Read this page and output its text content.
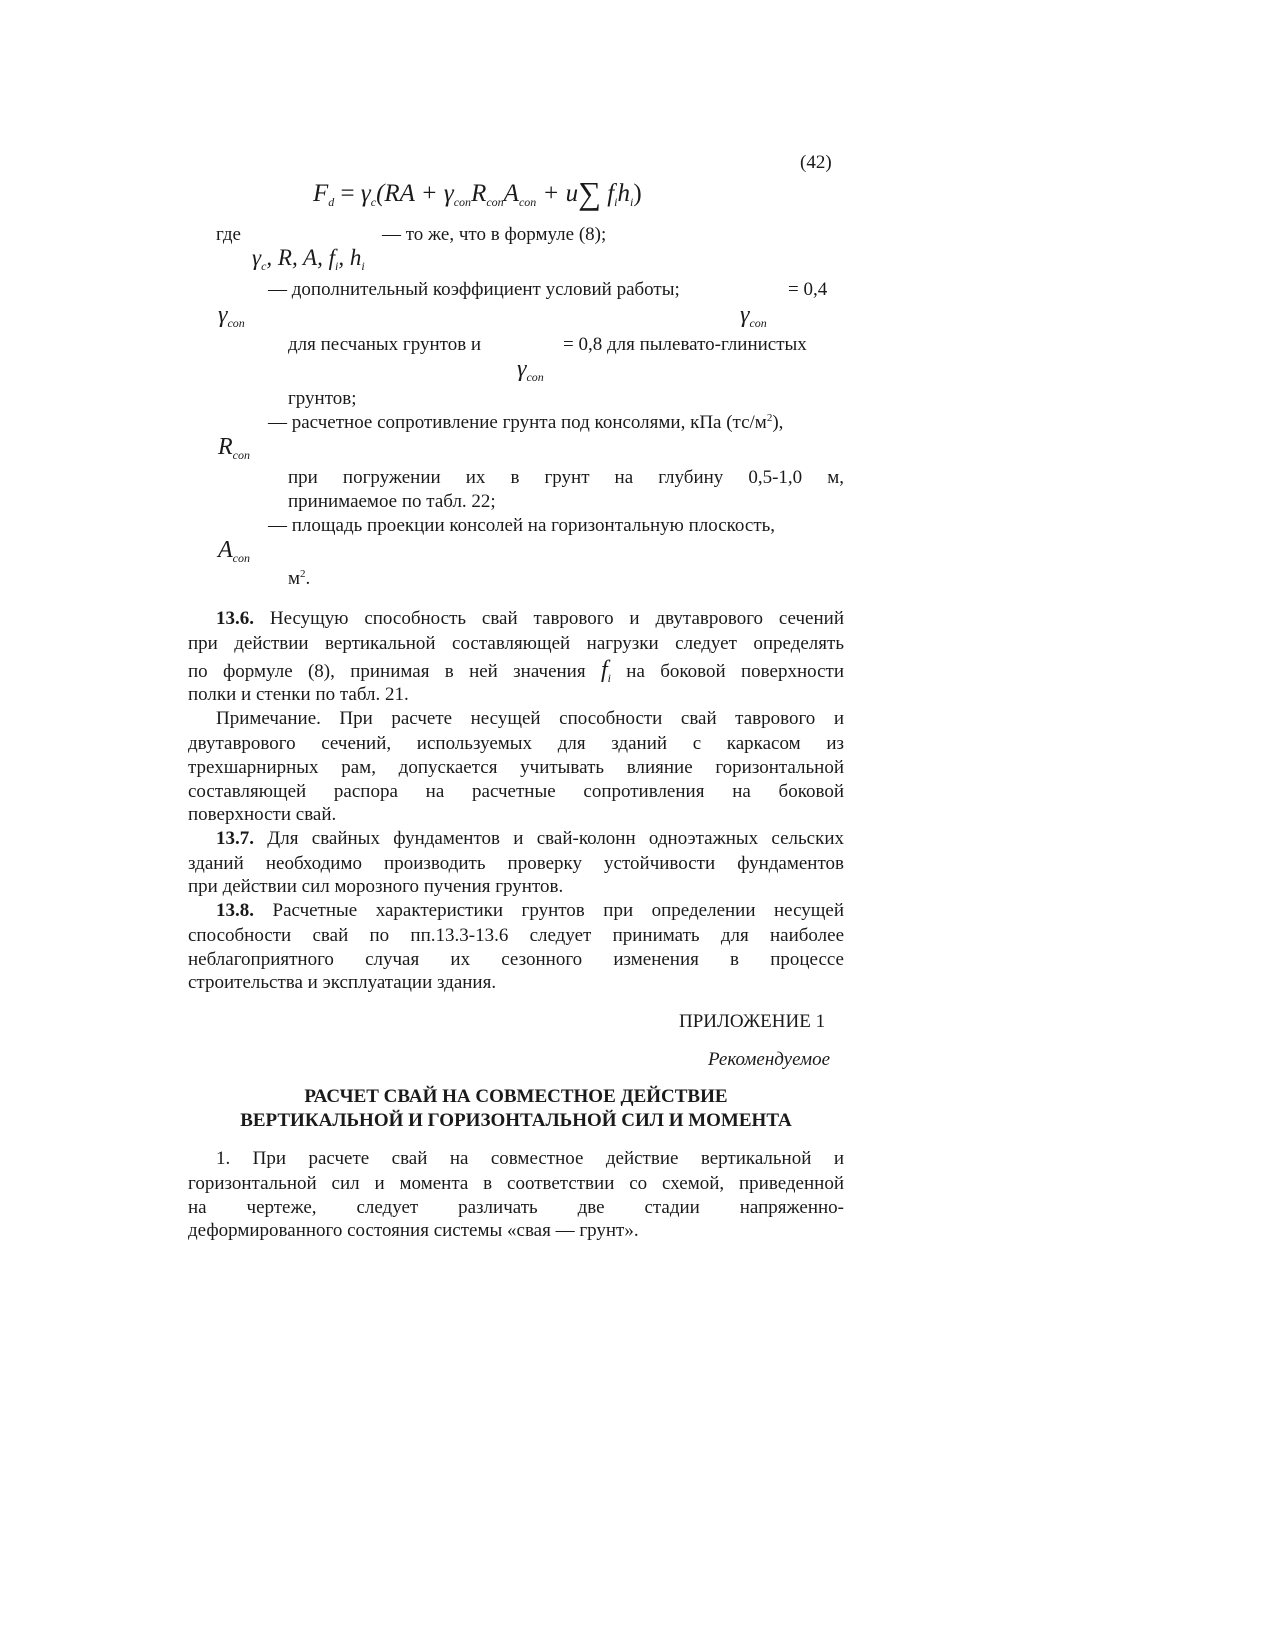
(42)
$F_d = \gamma_c(RA + \gamma_{con}R_{con}A_{con} + u\sum$ $f_ih_i$)
где	— то же, что в формуле (8);
$\gamma_c$, R, A, $f_i$, $h_i$
— дополнительный коэффициент условий работы;	= 0,4
$\gamma_{con}$	$\gamma_{con}$
для песчаных грунтов и	= 0,8 для пылевато-глинистых
$\gamma_{con}$
грунтов;
— расчетное сопротивление грунта под консолями, кПа $(тс/м^2)$,
$R_{con}$
при погружении их в грунт на глубину 0,5-1,0 м,
принимаемое по табл. 22;
— площадь проекции консолей на горизонтальную плоскость,
$A_{con}$
$м^2$.
13.6. Несущую способность свай таврового и двутаврового сечений
при действии вертикальной составляющей нагрузки следует определять
по формуле (8), принимая в ней значения $f_i$ на боковой поверхности
полки и стенки по табл. 21.
Примечание. При расчете несущей способности свай таврового и
двутаврового сечений, используемых для зданий с каркасом из
трехшарнирных рам, допускается учитывать влияние горизонтальной
составляющей распора на расчетные сопротивления на боковой
поверхности свай.
13.7. Для свайных фундаментов и свай-колонн одноэтажных сельских
зданий необходимо производить проверку устойчивости фундаментов
при действии сил морозного пучения грунтов.
13.8. Расчетные характеристики грунтов при определении несущей
способности свай по пп.13.3-13.6 следует принимать для наиболее
неблагоприятного случая их сезонного изменения в процессе
строительства и эксплуатации здания.
ПРИЛОЖЕНИЕ 1
Рекомендуемое
РАСЧЕТ СВАЙ НА СОВМЕСТНОЕ ДЕЙСТВИЕ
ВЕРТИКАЛЬНОЙ И ГОРИЗОНТАЛЬНОЙ СИЛ И МОМЕНТА
1. При расчете свай на совместное действие вертикальной и
горизонтальной сил и момента в соответствии со схемой, приведенной
на чертеже, следует различать две стадии напряженно-
деформированного состояния системы «свая — грунт».
